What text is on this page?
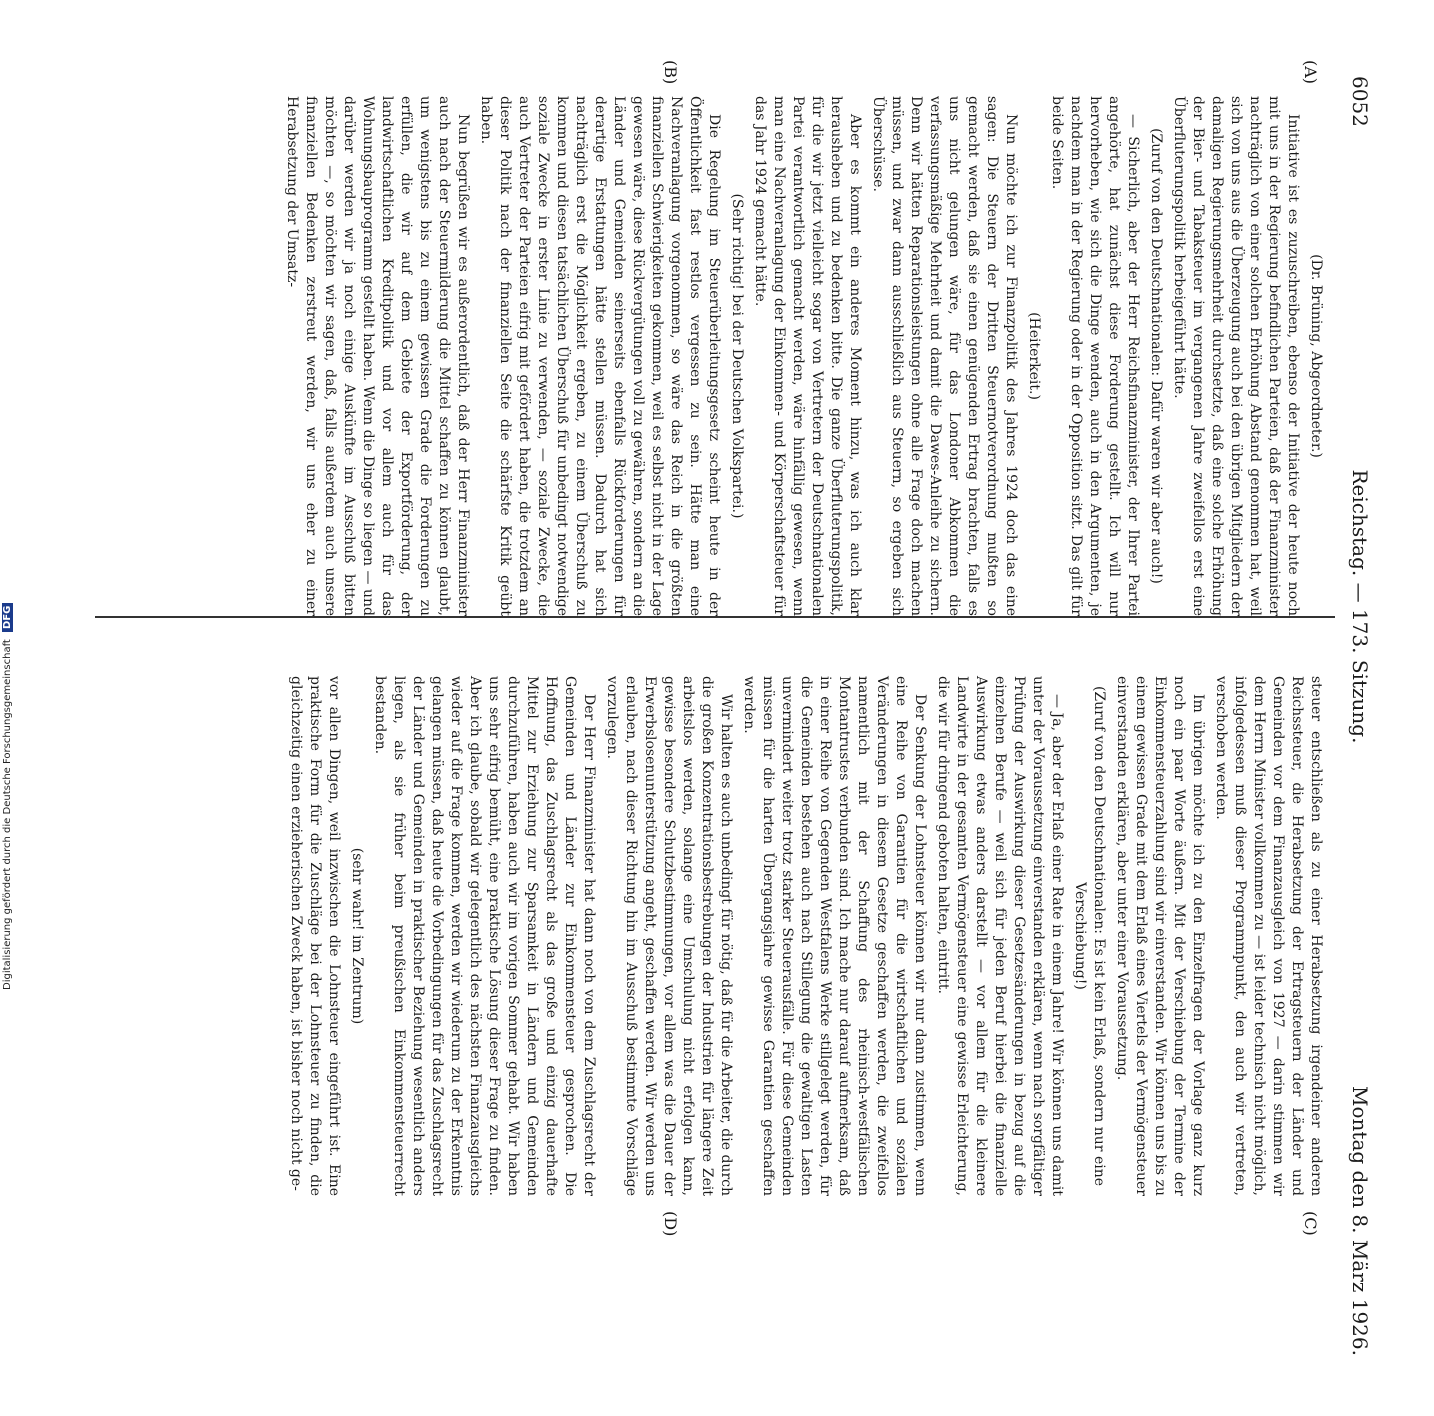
6052
Reichstag. — 173. Sitzung.
Montag den 8. März 1926.
(A)
(B)
(C)
(D)

(Dr. Brüning, Abgeordneter.)

Initiative ist es zuzuschreiben, ebenso der Initiative der heute noch mit uns in der Regierung befindlichen Parteien, daß der Finanzminister nachträglich von einer solchen Erhöhung Abstand genommen hat, weil sich von uns aus die Überzeugung auch bei den übrigen Mitgliedern der damaligen Regierungsmehrheit durchsetzte, daß eine solche Erhöhung der Bier- und Tabaksteuer im vergangenen Jahre zweifellos erst eine Überfluterungspolitik herbeigeführt hätte.

(Zuruf von den Deutschnationalen: Dafür waren wir aber auch!)

— Sicherlich, aber der Herr Reichsfinanzminister, der Ihrer Partei angehörte, hat zunächst diese Forderung gestellt. Ich will nur hervorheben, wie sich die Dinge wenden, auch in den Argumenten, je nachdem man in der Regierung oder in der Opposition sitzt. Das gilt für beide Seiten.

(Heiterkeit.)

Nun möchte ich zur Finanzpolitik des Jahres 1924 doch das eine sagen: Die Steuern der Dritten Steuernotverordnung mußten so gemacht werden, daß sie einen genügenden Ertrag brachten, falls es uns nicht gelungen wäre, für das Londoner Abkommen die verfassungsmäßige Mehrheit und damit die Dawes-Anleihe zu sichern. Denn wir hätten Reparationsleistungen ohne alle Frage doch machen müssen, und zwar dann ausschließlich aus Steuern, so ergeben sich Überschüsse.

Aber es kommt ein anderes Moment hinzu, was ich auch klar herausheben und zu bedenken bitte. Die ganze Überfluterungspolitik, für die wir jetzt vielleicht sogar von Vertretern der Deutschnationalen Partei verantwortlich gemacht werden, wäre hinfällig gewesen, wenn man eine Nachveranlagung der Einkommen- und Körperschaftsteuer für das Jahr 1924 gemacht hätte.

(Sehr richtig! bei der Deutschen Volkspartei.)

Die Regelung im Steuerüberleitungsgesetz scheint heute in der Öffentlichkeit fast restlos vergessen zu sein. Hätte man eine Nachveranlagung vorgenommen, so wäre das Reich in die größten finanziellen Schwierigkeiten gekommen, weil es selbst nicht in der Lage gewesen wäre, diese Rückvergütungen voll zu gewähren, sondern an die Länder und Gemeinden seinerseits ebenfalls Rückforderungen für derartige Erstattungen hätte stellen müssen. Dadurch hat sich nachträglich erst die Möglichkeit ergeben, zu einem Überschuß zu kommen und diesen tatsächlichen Überschuß für unbedingt notwendige soziale Zwecke in erster Linie zu verwenden, — soziale Zwecke, die auch Vertreter der Parteien eifrig mit gefördert haben, die trotzdem an dieser Politik nach der finanziellen Seite die schärfste Kritik geübt haben.

Nun begrüßen wir es außerordentlich, daß der Herr Finanzminister auch nach der Steuermilderung die Mittel schaffen zu können glaubt, um wenigstens bis zu einem gewissen Grade die Forderungen zu erfüllen, die wir auf dem Gebiete der Exportförderung, der landwirtschaftlichen Kreditpolitik und vor allem auch für das Wohnungsbauprogramm gestellt haben. Wenn die Dinge so liegen — und darüber werden wir ja noch einige Auskünfte im Ausschuß bitten möchten —, so möchten wir sagen, daß, falls außerdem auch unsere finanziellen Bedenken zerstreut werden, wir uns eher zu einer Herabsetzung der Umsatz-

steuer entschließen als zu einer Herabsetzung irgendeiner anderen Reichssteuer, die Herabsetzung der Ertragsteuern der Länder und Gemeinden vor dem Finanzausgleich von 1927 — darin stimmen wir dem Herrn Minister vollkommen zu — ist leider technisch nicht möglich, infolgedessen muß dieser Programmpunkt, den auch wir vertreten, verschoben werden.

Im übrigen möchte ich zu den Einzelfragen der Vorlage ganz kurz noch ein paar Worte äußern. Mit der Verschiebung der Termine der Einkommensteuerzahlung sind wir einverstanden. Wir können uns bis zu einem gewissen Grade mit dem Erlaß eines Viertels der Vermögensteuer einverstanden erklären, aber unter einer Voraussetzung.

(Zuruf von den Deutschnationalen: Es ist kein Erlaß, sondern nur eine Verschiebung!)

— Ja, aber der Erlaß einer Rate in einem Jahre! Wir können uns damit unter der Voraussetzung einverstanden erklären, wenn nach sorgfältiger Prüfung der Auswirkung dieser Gesetzesänderungen in bezug auf die einzelnen Berufe — weil sich für jeden Beruf hierbei die finanzielle Auswirkung etwas anders darstellt — vor allem für die kleinere Landwirte in der gesamten Vermögensteuer eine gewisse Erleichterung, die wir für dringend geboten halten, eintritt.

Der Senkung der Lohnsteuer können wir nur dann zustimmen, wenn eine Reihe von Garantien für die wirtschaftlichen und sozialen Veränderungen in diesem Gesetze geschaffen werden, die zweifellos namentlich mit der Schaffung des rheinisch-westfälischen Montantrustes verbunden sind. Ich mache nur darauf aufmerksam, daß in einer Reihe von Gegenden Westfalens Werke stillgelegt werden, für die Gemeinden bestehen auch nach Stillegung die gewaltigen Lasten unvermindert weiter trotz starker Steuerausfälle. Für diese Gemeinden müssen für die harten Übergangsjahre gewisse Garantien geschaffen werden.

Wir halten es auch unbedingt für nötig, daß für die Arbeiter, die durch die großen Konzentrationsbestrebungen der Industrien für längere Zeit arbeitslos werden, solange eine Umschulung nicht erfolgen kann, gewisse besondere Schutzbestimmungen, vor allem was die Dauer der Erwerbslosenunterstützung angeht, geschaffen werden. Wir werden uns erlauben, nach dieser Richtung hin im Ausschuß bestimmte Vorschläge vorzulegen.

Der Herr Finanzminister hat dann noch von dem Zuschlagsrecht der Gemeinden und Länder zur Einkommensteuer gesprochen. Die Hoffnung, das Zuschlagsrecht als das große und einzig dauerhafte Mittel zur Erziehung zur Sparsamkeit in Ländern und Gemeinden durchzuführen, haben auch wir im vorigen Sommer gehabt. Wir haben uns sehr eifrig bemüht, eine praktische Lösung dieser Frage zu finden. Aber ich glaube, sobald wir gelegentlich des nächsten Finanzausgleichs wieder auf die Frage kommen, werden wir wiederum zu der Erkenntnis gelangen müssen, daß heute die Vorbedingungen für das Zuschlagsrecht der Länder und Gemeinden in praktischer Beziehung wesentlich anders liegen, als sie früher beim preußischen Einkommensteuerrecht bestanden.

(sehr wahr! im Zentrum)

vor allen Dingen, weil inzwischen die Lohnsteuer eingeführt ist. Eine praktische Form für die Zuschläge bei der Lohnsteuer zu finden, die gleichzeitig einen erzieherischen Zweck haben, ist bisher noch nicht ge-

Digitalisierung gefördert durch die Deutsche Forschungsgemeinschaft DFG
